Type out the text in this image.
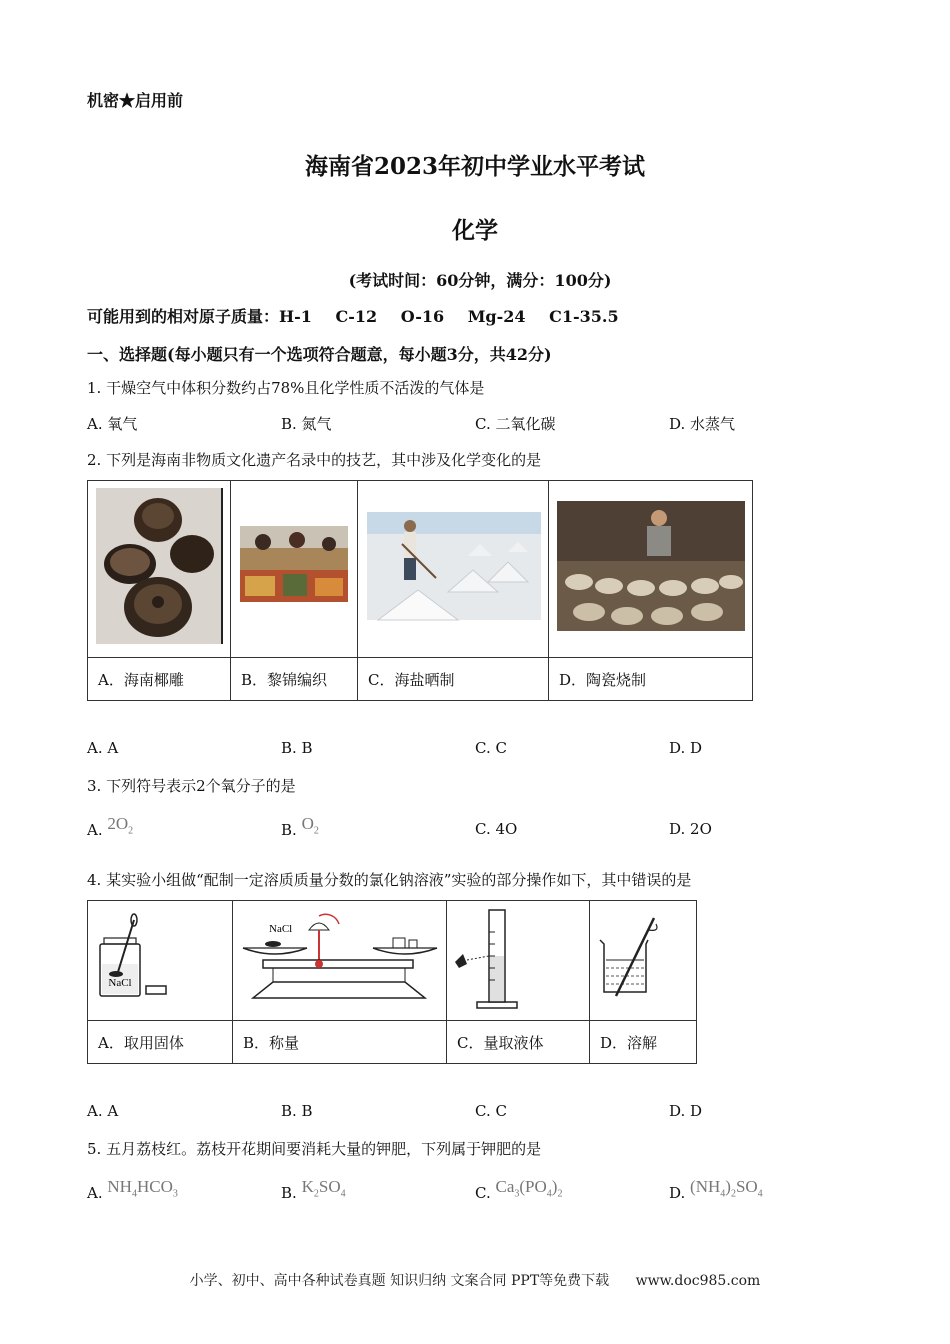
机密★启用前
海南省2023年初中学业水平考试
化学
(考试时间：60分钟，满分：100分)
可能用到的相对原子质量：H-1 C-12 O-16 Mg-24 C1-35.5
一、选择题(每小题只有一个选项符合题意，每小题3分，共42分)
1. 干燥空气中体积分数约占78%且化学性质不活泼的气体是
A. 氧气	B. 氮气	C. 二氧化碳	D. 水蒸气
2. 下列是海南非物质文化遗产名录中的技艺，其中涉及化学变化的是

A．海南椰雕	B．黎锦编织	C．海盐晒制	D．陶瓷烧制
A. A	B. B	C. C	D. D
3. 下列符号表示2个氧分子的是
A. $2O_2$	B. $O_2$	C. 4O	D. 2O
4. 某实验小组做“配制一定溶质质量分数的氯化钠溶液”实验的部分操作如下，其中错误的是
NaCl	NaCl

A．取用固体	B．称量	C．量取液体	D．溶解
A. A	B. B	C. C	D. D
5. 五月荔枝红。荔枝开花期间要消耗大量的钾肥，下列属于钾肥的是
A. $NH_4HCO_3$	B. $K_2SO_4$	C. $Ca_3(PO_4)_2$	D. $(NH_4)_2SO_4$
小学、初中、高中各种试卷真题 知识归纳 文案合同 PPT等免费下载 www.doc985.com
